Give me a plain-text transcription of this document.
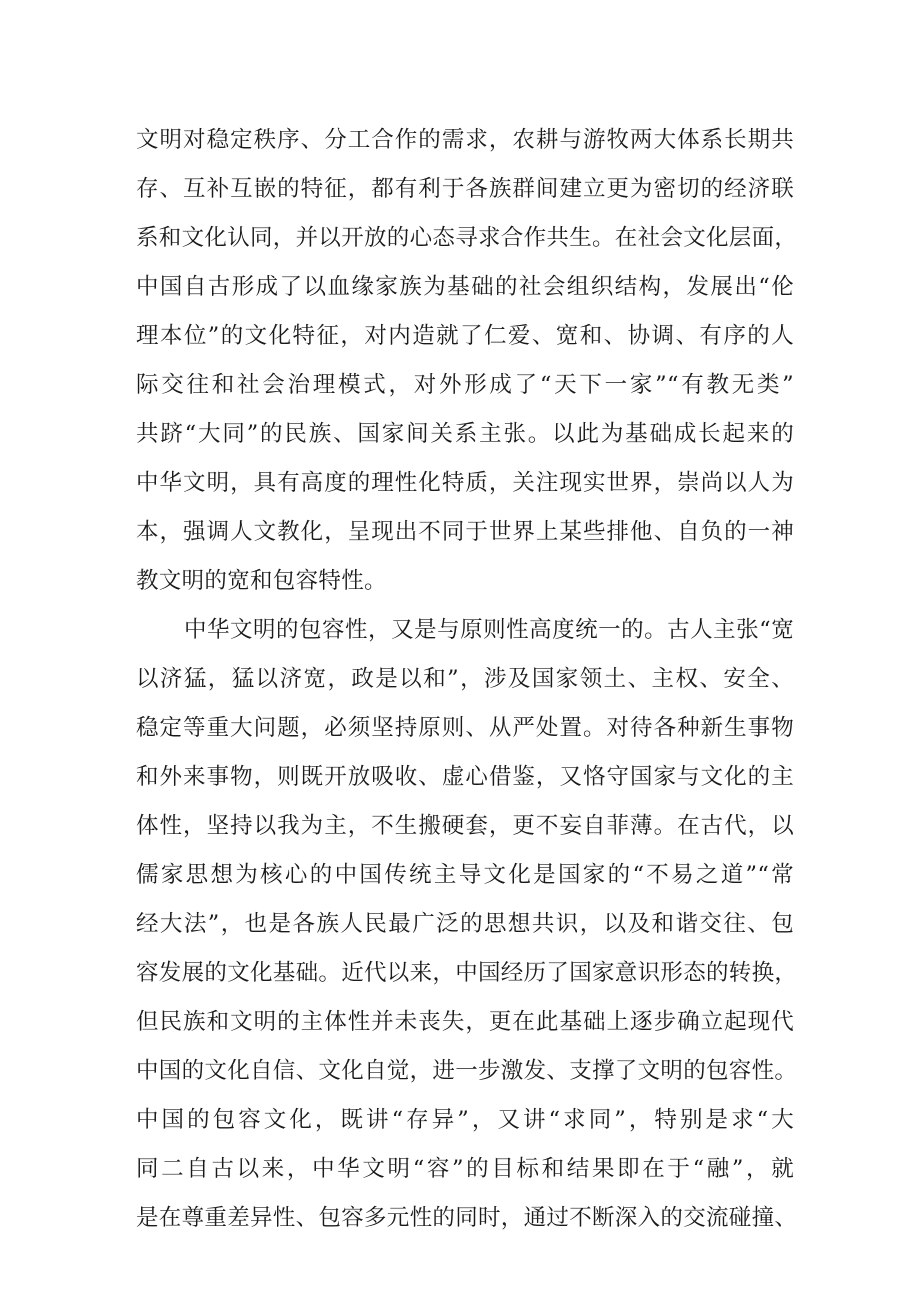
文明对稳定秩序、分工合作的需求，农耕与游牧两大体系长期共
存、互补互嵌的特征，都有利于各族群间建立更为密切的经济联
系和文化认同，并以开放的心态寻求合作共生。在社会文化层面，
中国自古形成了以血缘家族为基础的社会组织结构，发展出“伦
理本位”的文化特征，对内造就了仁爱、宽和、协调、有序的人
际交往和社会治理模式，对外形成了“天下一家”“有教无类”
共跻“大同”的民族、国家间关系主张。以此为基础成长起来的
中华文明，具有高度的理性化特质，关注现实世界，崇尚以人为
本，强调人文教化，呈现出不同于世界上某些排他、自负的一神
教文明的宽和包容特性。
中华文明的包容性，又是与原则性高度统一的。古人主张“宽
以济猛，猛以济宽，政是以和”，涉及国家领土、主权、安全、
稳定等重大问题，必须坚持原则、从严处置。对待各种新生事物
和外来事物，则既开放吸收、虚心借鉴，又恪守国家与文化的主
体性，坚持以我为主，不生搬硬套，更不妄自菲薄。在古代，以
儒家思想为核心的中国传统主导文化是国家的“不易之道”“常
经大法”，也是各族人民最广泛的思想共识，以及和谐交往、包
容发展的文化基础。近代以来，中国经历了国家意识形态的转换，
但民族和文明的主体性并未丧失，更在此基础上逐步确立起现代
中国的文化自信、文化自觉，进一步激发、支撑了文明的包容性。
中国的包容文化，既讲“存异”，又讲“求同”，特别是求“大
同二自古以来，中华文明“容”的目标和结果即在于“融”，就
是在尊重差异性、包容多元性的同时，通过不断深入的交流碰撞、
